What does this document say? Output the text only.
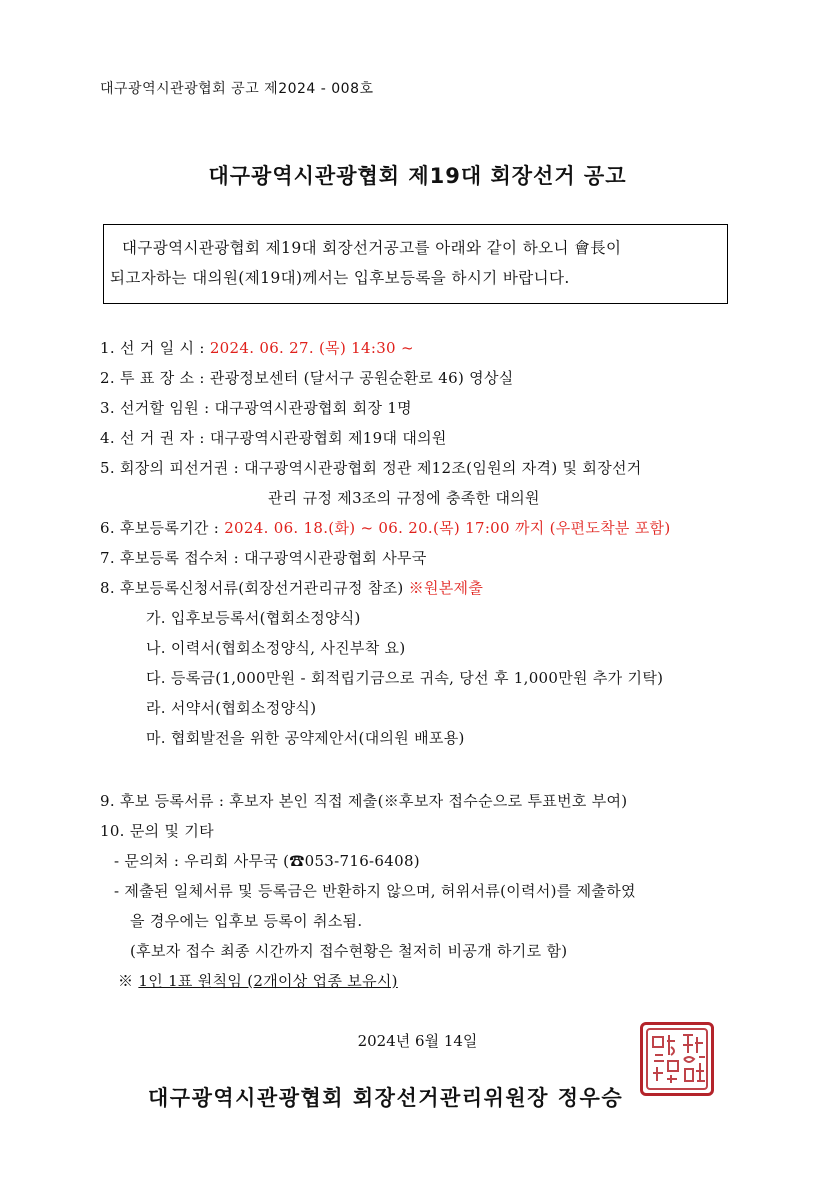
대구광역시관광협회 공고 제2024 - 008호
대구광역시관광협회 제19대 회장선거 공고
대구광역시관광협회 제19대 회장선거공고를 아래와 같이 하오니 會長이
되고자하는 대의원(제19대)께서는 입후보등록을 하시기 바랍니다.
1. 선 거 일 시 : 2024. 06. 27. (목) 14:30 ~
2. 투 표 장 소 : 관광정보센터 (달서구 공원순환로 46) 영상실
3. 선거할 임원 : 대구광역시관광협회 회장 1명
4. 선 거 권 자 : 대구광역시관광협회 제19대 대의원
5. 회장의 피선거권 : 대구광역시관광협회 정관 제12조(임원의 자격) 및 회장선거
관리 규정 제3조의 규정에 충족한 대의원
6. 후보등록기간 : 2024. 06. 18.(화) ~ 06. 20.(목) 17:00 까지 (우편도착분 포함)
7. 후보등록 접수처 : 대구광역시관광협회 사무국
8. 후보등록신청서류(회장선거관리규정 참조) ※원본제출
가. 입후보등록서(협회소정양식)
나. 이력서(협회소정양식, 사진부착 요)
다. 등록금(1,000만원 - 회적립기금으로 귀속, 당선 후 1,000만원 추가 기탁)
라. 서약서(협회소정양식)
마. 협회발전을 위한 공약제안서(대의원 배포용)
9. 후보 등록서류 : 후보자 본인 직접 제출(※후보자 접수순으로 투표번호 부여)
10. 문의 및 기타
- 문의처 : 우리회 사무국 (☎053-716-6408)
- 제출된 일체서류 및 등록금은 반환하지 않으며, 허위서류(이력서)를 제출하였
을 경우에는 입후보 등록이 취소됨.
(후보자 접수 최종 시간까지 접수현황은 철저히 비공개 하기로 함)
※ 1인 1표 원칙임 (2개이상 업종 보유시)
2024년 6월 14일
대구광역시관광협회 회장선거관리위원장 정우승
